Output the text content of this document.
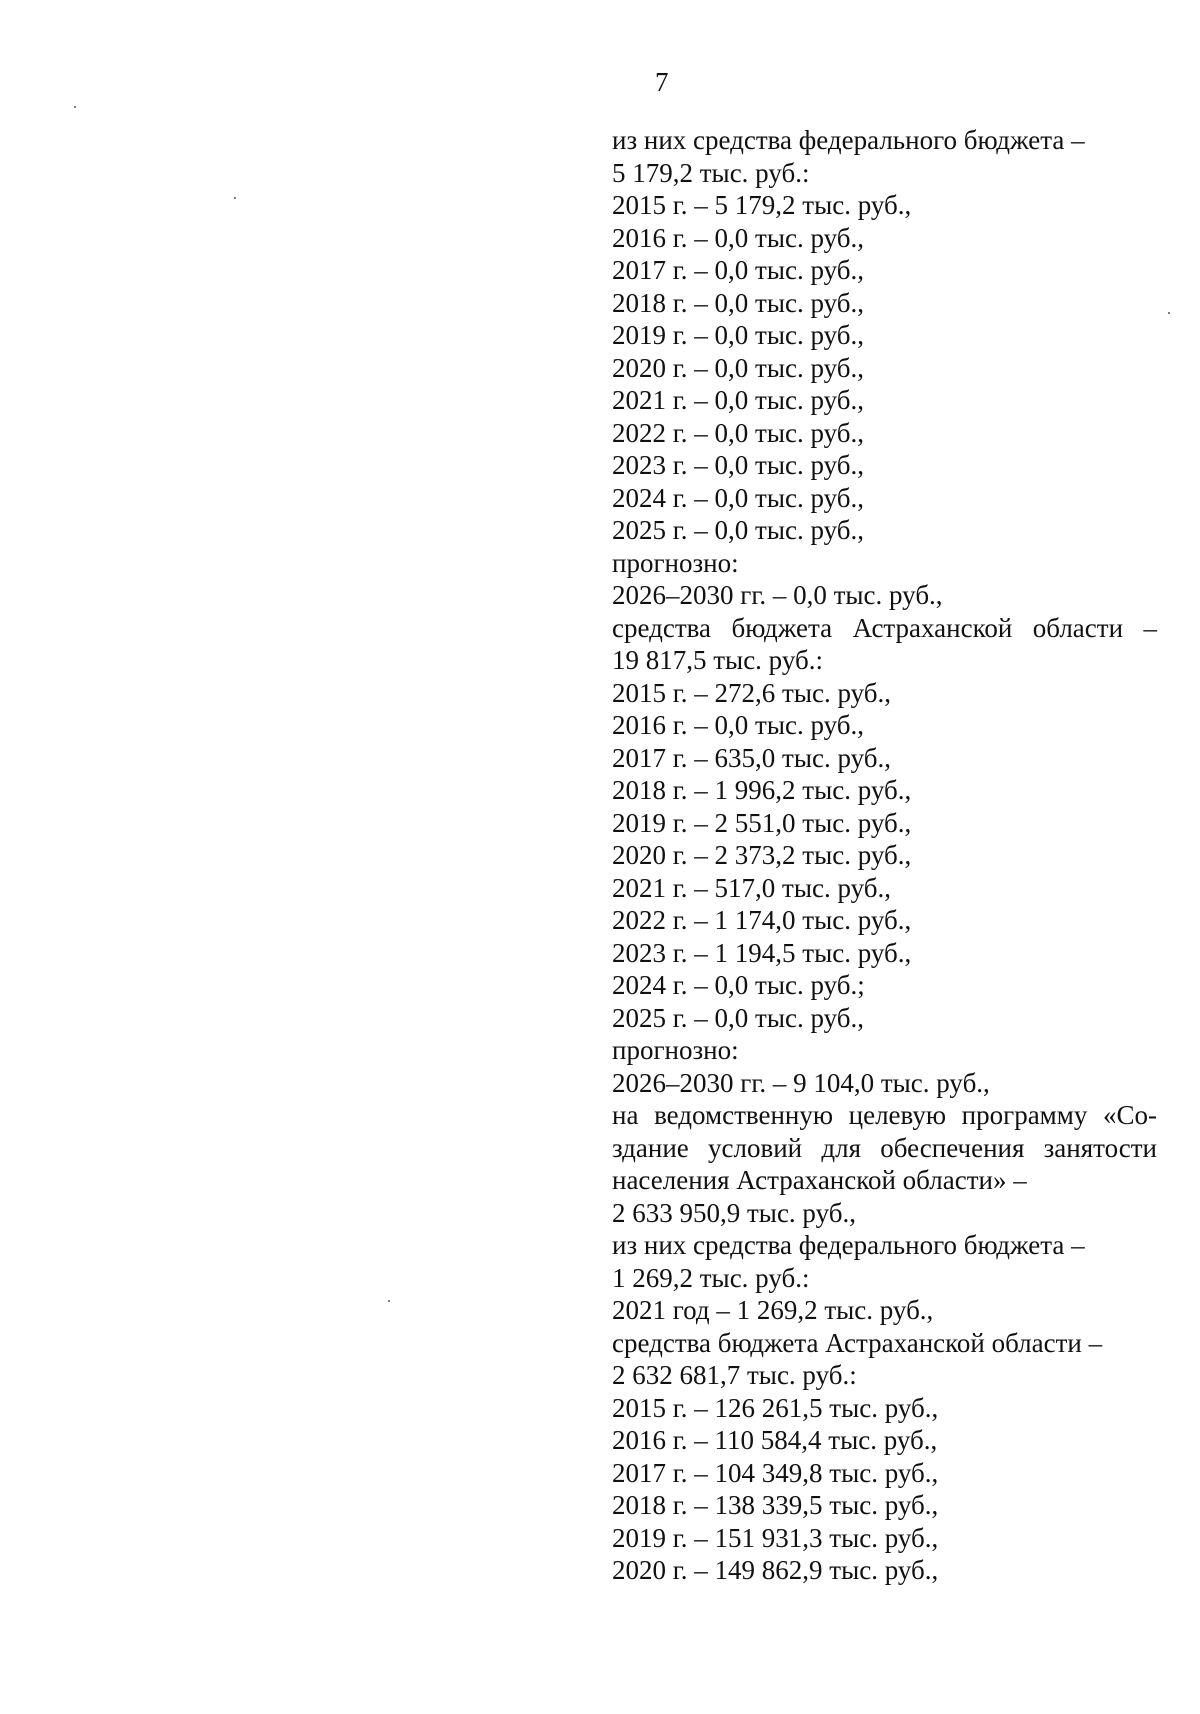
7
из них средства федерального бюджета –
5 179,2 тыс. руб.:
2015 г. – 5 179,2 тыс. руб.,
2016 г. – 0,0 тыс. руб.,
2017 г. – 0,0 тыс. руб.,
2018 г. – 0,0 тыс. руб.,
2019 г. – 0,0 тыс. руб.,
2020 г. – 0,0 тыс. руб.,
2021 г. – 0,0 тыс. руб.,
2022 г. – 0,0 тыс. руб.,
2023 г. – 0,0 тыс. руб.,
2024 г. – 0,0 тыс. руб.,
2025 г. – 0,0 тыс. руб.,
прогнозно:
2026–2030 гг. – 0,0 тыс. руб.,
средства бюджета Астраханской области –
19 817,5 тыс. руб.:
2015 г. – 272,6 тыс. руб.,
2016 г. – 0,0 тыс. руб.,
2017 г. – 635,0 тыс. руб.,
2018 г. – 1 996,2 тыс. руб.,
2019 г. – 2 551,0 тыс. руб.,
2020 г. – 2 373,2 тыс. руб.,
2021 г. – 517,0 тыс. руб.,
2022 г. – 1 174,0 тыс. руб.,
2023 г. – 1 194,5 тыс. руб.,
2024 г. – 0,0 тыс. руб.;
2025 г. – 0,0 тыс. руб.,
прогнозно:
2026–2030 гг. – 9 104,0 тыс. руб.,
на ведомственную целевую программу «Со-
здание условий для обеспечения занятости
населения Астраханской области» –
2 633 950,9 тыс. руб.,
из них средства федерального бюджета –
1 269,2 тыс. руб.:
2021 год – 1 269,2 тыс. руб.,
средства бюджета Астраханской области –
2 632 681,7 тыс. руб.:
2015 г. – 126 261,5 тыс. руб.,
2016 г. – 110 584,4 тыс. руб.,
2017 г. – 104 349,8 тыс. руб.,
2018 г. – 138 339,5 тыс. руб.,
2019 г. – 151 931,3 тыс. руб.,
2020 г. – 149 862,9 тыс. руб.,
